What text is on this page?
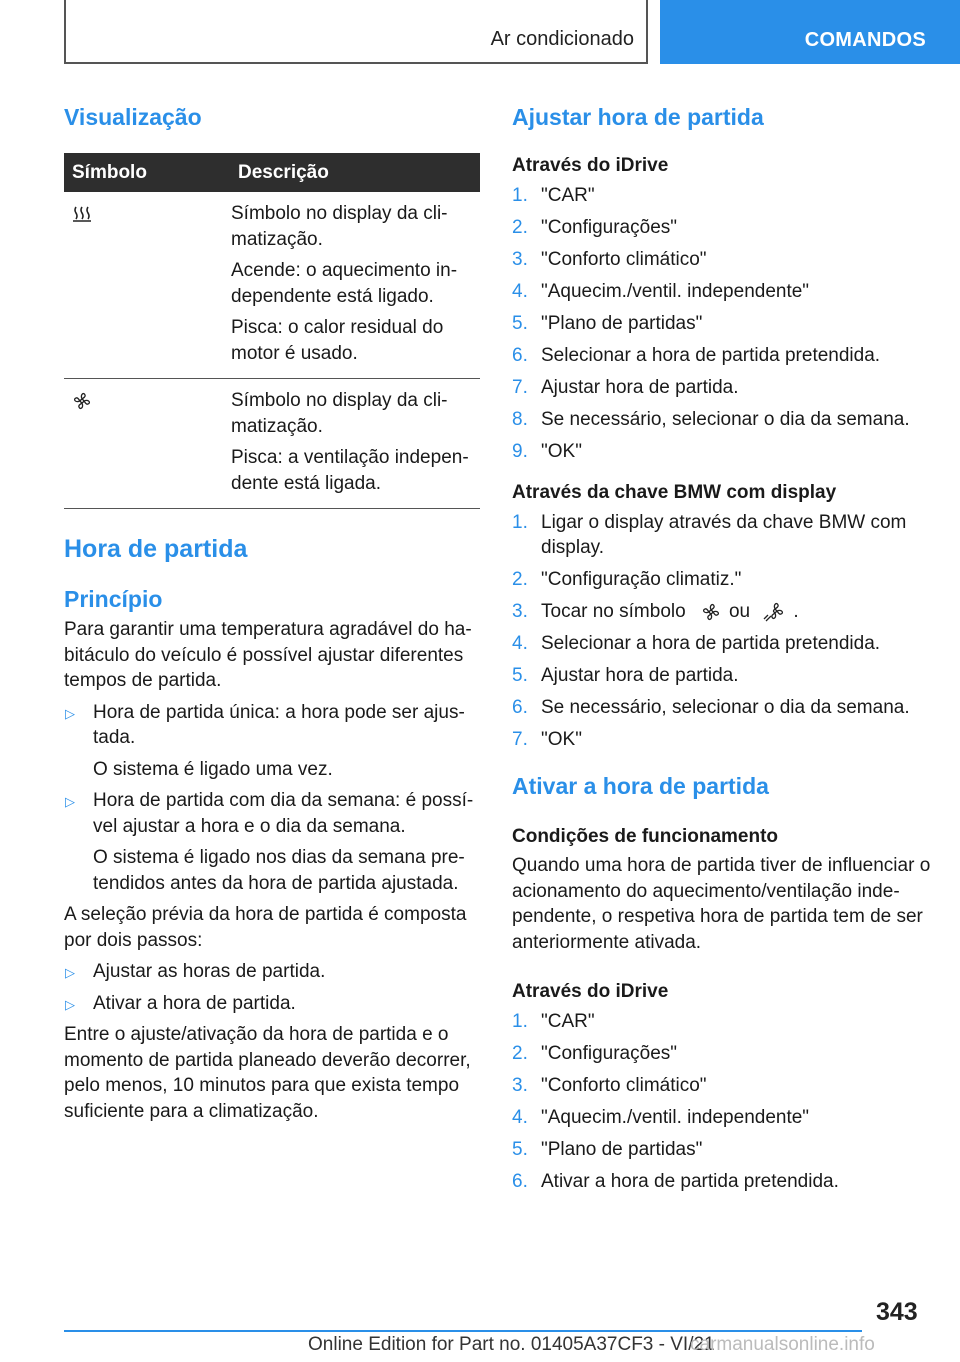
Ar condicionado	COMANDOS
Visualização
Símbolo	Descrição

Símbolo no display da cli- matização.
Acende: o aquecimento in- dependente está ligado.
Pisca: o calor residual do motor é usado.

Símbolo no display da cli- matização.
Pisca: a ventilação indepen- dente está ligada.
Hora de partida
Princípio

Para garantir uma temperatura agradável do ha- bitáculo do veículo é possível ajustar diferentes tempos de partida.

▷ Hora de partida única: a hora pode ser ajus- tada.

O sistema é ligado uma vez.

▷ Hora de partida com dia da semana: é possí- vel ajustar a hora e o dia da semana.

O sistema é ligado nos dias da semana pre- tendidos antes da hora de partida ajustada.

A seleção prévia da hora de partida é composta por dois passos:

▷ Ajustar as horas de partida.

▷ Ativar a hora de partida.

Entre o ajuste/ativação da hora de partida e o momento de partida planeado deverão decorrer, pelo menos, 10 minutos para que exista tempo suficiente para a climatização.

Ajustar hora de partida

Através do iDrive

1. "CAR"
2. "Configurações"
3. "Conforto climático"
4. "Aquecim./ventil. independente"
5. "Plano de partidas"
6. Selecionar a hora de partida pretendida.
7. Ajustar hora de partida.
8. Se necessário, selecionar o dia da semana.
9. "OK"

Através da chave BMW com display

1. Ligar o display através da chave BMW com display.
2. "Configuração climatiz."
3. Tocar no símbolo ou .
4. Selecionar a hora de partida pretendida.
5. Ajustar hora de partida.
6. Se necessário, selecionar o dia da semana.
7. "OK"
Ativar a hora de partida

Condições de funcionamento

Quando uma hora de partida tiver de influenciar o acionamento do aquecimento/ventilação inde- pendente, o respetiva hora de partida tem de ser anteriormente ativada.

Através do iDrive

1. "CAR"
2. "Configurações"
3. "Conforto climático"
4. "Aquecim./ventil. independente"
5. "Plano de partidas"
6. Ativar a hora de partida pretendida.
343
Online Edition for Part no. 01405A37CF3 - VI/21
carmanualsonline.info
